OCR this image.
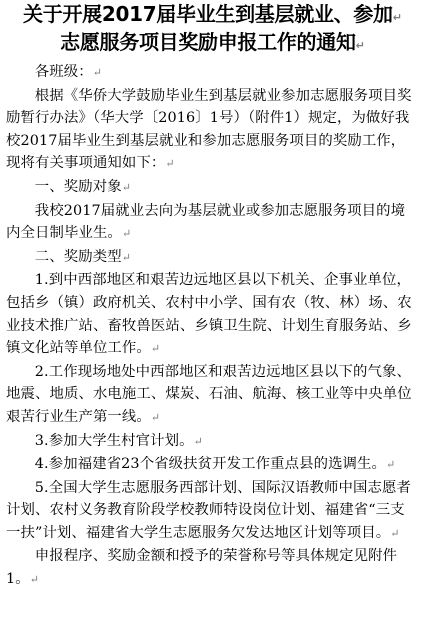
关于开展2017届毕业生到基层就业、参加↵
志愿服务项目奖励申报工作的通知↵

各班级：↵

根据《华侨大学鼓励毕业生到基层就业参加志愿服务项目奖励暂行办法》（华大学〔2016〕1号）（附件1）规定，为做好我校2017届毕业生到基层就业和参加志愿服务项目的奖励工作，现将有关事项通知如下：↵

一、奖励对象↵

我校2017届就业去向为基层就业或参加志愿服务项目的境内全日制毕业生。↵

二、奖励类型↵

1.到中西部地区和艰苦边远地区县以下机关、企事业单位，包括乡（镇）政府机关、农村中小学、国有农（牧、林）场、农业技术推广站、畜牧兽医站、乡镇卫生院、计划生育服务站、乡镇文化站等单位工作。↵

2.工作现场地处中西部地区和艰苦边远地区县以下的气象、地震、地质、水电施工、煤炭、石油、航海、核工业等中央单位艰苦行业生产第一线。↵

3.参加大学生村官计划。↵

4.参加福建省23个省级扶贫开发工作重点县的选调生。↵

5.全国大学生志愿服务西部计划、国际汉语教师中国志愿者计划、农村义务教育阶段学校教师特设岗位计划、福建省“三支一扶”计划、福建省大学生志愿服务欠发达地区计划等项目。↵

申报程序、奖励金额和授予的荣誉称号等具体规定见附件1。↵
